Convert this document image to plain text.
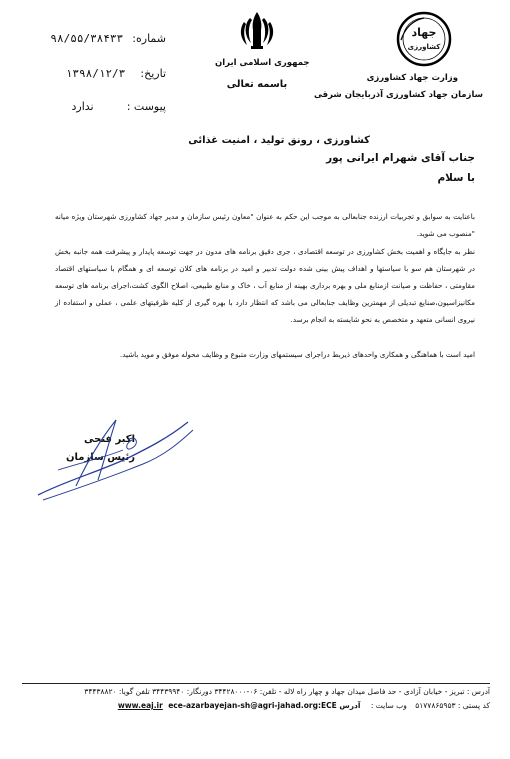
شماره: ۹۸/۵۵/۳۸۴۳۳
تاریخ: ۱۳۹۸/۱۲/۳
پیوست : ندارد
جمهوری اسلامی ایران
باسمه تعالی
جهاد
کشاورزی
وزارت جهاد کشاورزی
سازمان جهاد کشاورزی آذربایجان شرقی
کشاورزی ، رونق تولید ، امنیت غذائی
جناب آقای شهرام ایرانی پور
با سلام
باعنایت به سوابق و تجربیات ارزنده جنابعالی به موجب این حکم به عنوان "معاون رئیس سازمان و مدیر جهاد کشاورزی شهرستان ویژه میانه "منصوب می شوید.
نظر به جایگاه و اهمیت بخش کشاورزی در توسعه اقتصادی ، جری دقیق برنامه های مدون در جهت توسعه پایدار و پیشرفت همه جانبه بخش در شهرستان هم سو با سیاستها و اهداف پیش بینی شده دولت تدبیر و امید در برنامه های کلان توسعه ای و همگام با سیاستهای اقتصاد مقاومتی ، حفاظت و صیانت ازمنابع ملی و بهره برداری بهینه از منابع آب ، خاک و منابع طبیعی، اصلاح الگوی کشت،اجرای برنامه های توسعه مکانیزاسیون،صنایع تبدیلی از مهمترین وظایف جنابعالی می باشد که انتظار دارد با بهره گیری از کلیه ظرفیتهای علمی ، عملی و استفاده از نیروی انسانی متعهد و متخصص به نحو شایسته به انجام برسد.
امید است با هماهنگی و همکاری واحدهای ذیربط دراجرای سیستمهای وزارت متبوع و وظایف محوله موفق و موید باشید.
اکبر فتحی
رئیس سازمان
آدرس : تبریز - خیابان آزادی - حد فاصل میدان جهاد و چهار راه لاله - تلفن: ۰۶-۳۴۴۲۸۰۰۰ دورنگار: ۳۴۴۳۹۹۴۰ تلفن گویا: ۳۴۴۳۸۸۲۰
کد پستی : ۵۱۷۷۸۶۵۹۵۳ وب سایت : www.eaj.ir ece-azarbayejan-sh@agri-jahad.org:ECE آدرس
